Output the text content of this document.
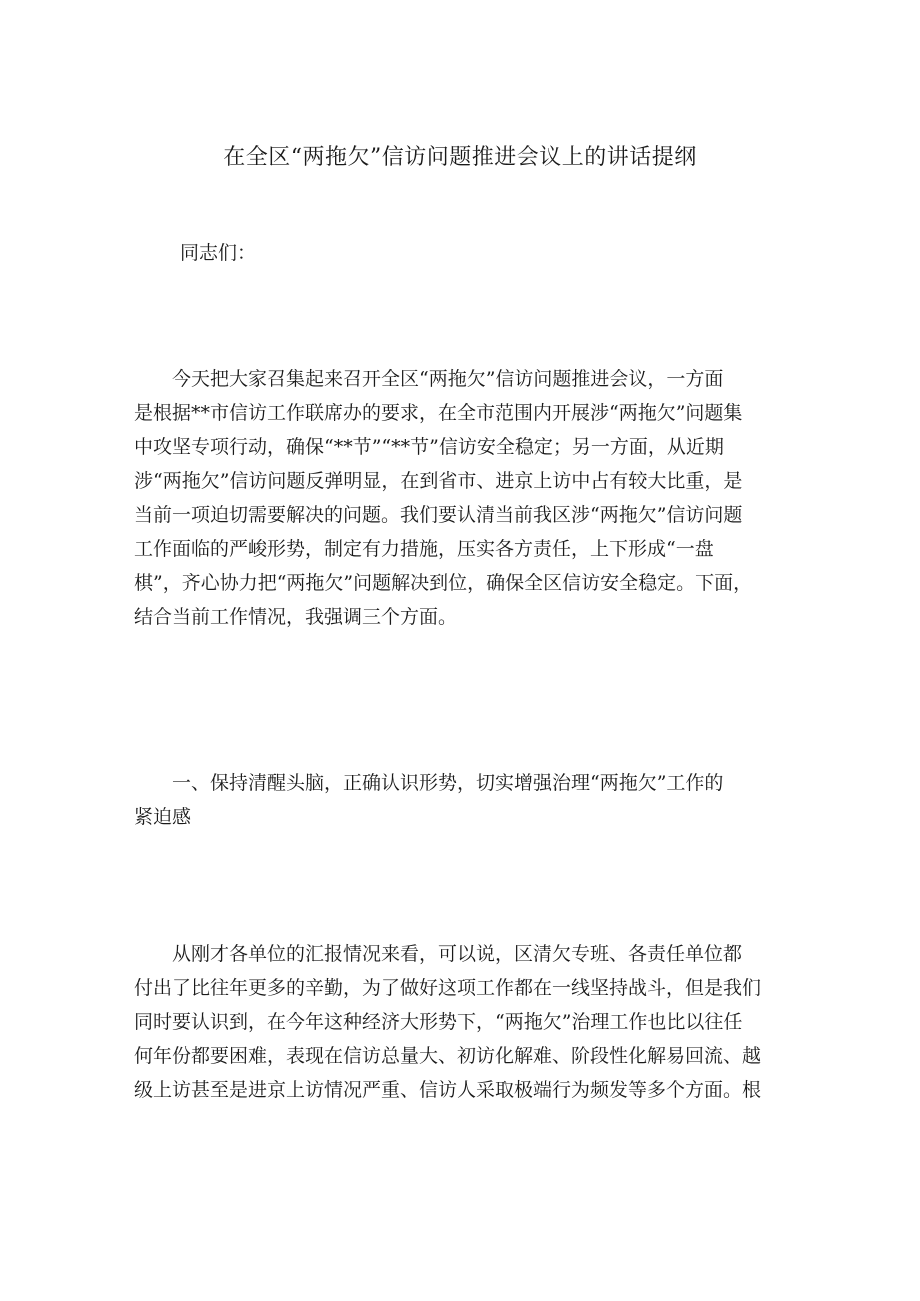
在全区“两拖欠”信访问题推进会议上的讲话提纲
同志们：
今天把大家召集起来召开全区“两拖欠”信访问题推进会议，一方面
是根据**市信访工作联席办的要求，在全市范围内开展涉“两拖欠”问题集
中攻坚专项行动，确保“**节”“**节”信访安全稳定；另一方面，从近期
涉“两拖欠”信访问题反弹明显，在到省市、进京上访中占有较大比重，是
当前一项迫切需要解决的问题。我们要认清当前我区涉“两拖欠”信访问题
工作面临的严峻形势，制定有力措施，压实各方责任，上下形成“一盘
棋”，齐心协力把“两拖欠”问题解决到位，确保全区信访安全稳定。下面，
结合当前工作情况，我强调三个方面。
一、保持清醒头脑，正确认识形势，切实增强治理“两拖欠”工作的
紧迫感
从刚才各单位的汇报情况来看，可以说，区清欠专班、各责任单位都
付出了比往年更多的辛勤，为了做好这项工作都在一线坚持战斗，但是我们
同时要认识到，在今年这种经济大形势下，“两拖欠”治理工作也比以往任
何年份都要困难，表现在信访总量大、初访化解难、阶段性化解易回流、越
级上访甚至是进京上访情况严重、信访人采取极端行为频发等多个方面。根
